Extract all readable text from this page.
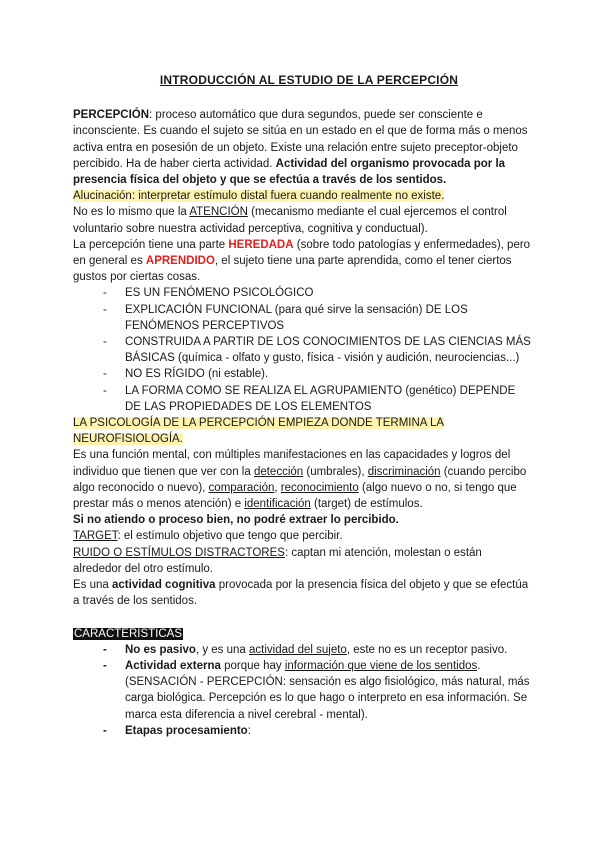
INTRODUCCIÓN AL ESTUDIO DE LA PERCEPCIÓN

PERCEPCIÓN: proceso automático que dura segundos, puede ser consciente e inconsciente. Es cuando el sujeto se sitúa en un estado en el que de forma más o menos activa entra en posesión de un objeto. Existe una relación entre sujeto preceptor-objeto percibido. Ha de haber cierta actividad. Actividad del organismo provocada por la presencia física del objeto y que se efectúa a través de los sentidos.

Alucinación: interpretar estímulo distal fuera cuando realmente no existe.

No es lo mismo que la ATENCIÓN (mecanismo mediante el cual ejercemos el control voluntario sobre nuestra actividad perceptiva, cognitiva y conductual).

La percepción tiene una parte HEREDADA (sobre todo patologías y enfermedades), pero en general es APRENDIDO, el sujeto tiene una parte aprendida, como el tener ciertos gustos por ciertas cosas.

- ES UN FENÓMENO PSICOLÓGICO
- EXPLICACIÓN FUNCIONAL (para qué sirve la sensación) DE LOS FENÓMENOS PERCEPTIVOS
- CONSTRUIDA A PARTIR DE LOS CONOCIMIENTOS DE LAS CIENCIAS MÁS BÁSICAS (química - olfato y gusto, física - visión y audición, neurociencias...)
- NO ES RÍGIDO (ni estable).
- LA FORMA COMO SE REALIZA EL AGRUPAMIENTO (genético) DEPENDE DE LAS PROPIEDADES DE LOS ELEMENTOS

LA PSICOLOGÍA DE LA PERCEPCIÓN EMPIEZA DONDE TERMINA LA NEUROFISIOLOGÍA.

Es una función mental, con múltiples manifestaciones en las capacidades y logros del individuo que tienen que ver con la detección (umbrales), discriminación (cuando percibo algo reconocido o nuevo), comparación, reconocimiento (algo nuevo o no, si tengo que prestar más o menos atención) e identificación (target) de estímulos.

Si no atiendo o proceso bien, no podré extraer lo percibido.

TARGET: el estímulo objetivo que tengo que percibir.

RUIDO O ESTÍMULOS DISTRACTORES: captan mi atención, molestan o están alrededor del otro estímulo.

Es una actividad cognitiva provocada por la presencia física del objeto y que se efectúa a través de los sentidos.

CARACTERÍSTICAS

- No es pasivo, y es una actividad del sujeto, este no es un receptor pasivo.
- Actividad externa porque hay información que viene de los sentidos. (SENSACIÓN - PERCEPCIÓN: sensación es algo fisiológico, más natural, más carga biológica. Percepción es lo que hago o interpreto en esa información. Se marca esta diferencia a nivel cerebral - mental).
- Etapas procesamiento:
